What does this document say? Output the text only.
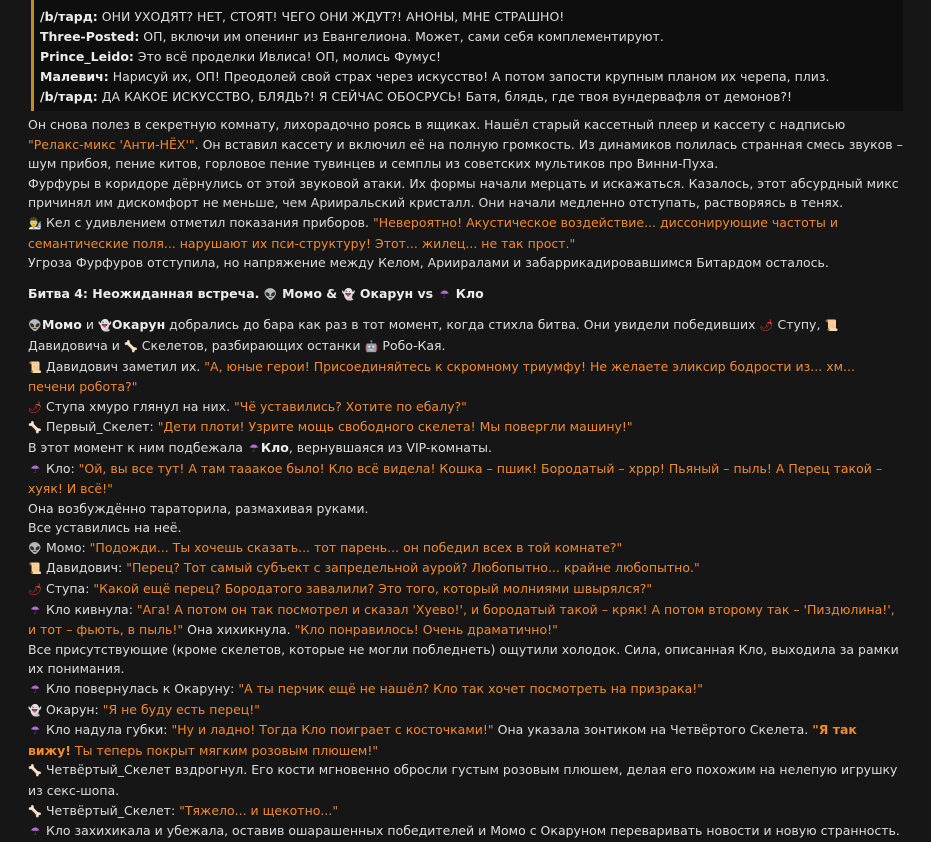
/b/тард: ОНИ УХОДЯТ? НЕТ, СТОЯТ! ЧЕГО ОНИ ЖДУТ?! АНОНЫ, МНЕ СТРАШНО!
Three-Posted: ОП, включи им опенинг из Евангелиона. Может, сами себя комплементируют.
Prince_Leido: Это всё проделки Ивлиса! ОП, молись Фумус!
Малевич: Нарисуй их, ОП! Преодолей свой страх через искусство! А потом запости крупным планом их черепа, плиз.
/b/тард: ДА КАКОЕ ИСКУССТВО, БЛЯДЬ?! Я СЕЙЧАС ОБОСРУСЬ! Батя, блядь, где твоя вундервафля от демонов?!

Он снова полез в секретную комнату, лихорадочно роясь в ящиках. Нашёл старый кассетный плеер и кассету с надписью "Релакс-микс 'Анти-НЁХ'". Он вставил кассету и включил её на полную громкость. Из динамиков полилась странная смесь звуков – шум прибоя, пение китов, горловое пение тувинцев и семплы из советских мультиков про Винни-Пуха.

Фурфуры в коридоре дёрнулись от этой звуковой атаки. Их формы начали мерцать и искажаться. Казалось, этот абсурдный микс причинял им дискомфорт не меньше, чем Арииральский кристалл. Они начали медленно отступать, растворяясь в тенях.

👨‍🔬 Кел с удивлением отметил показания приборов. "Невероятно! Акустическое воздействие... диссонирующие частоты и семантические поля... нарушают их пси-структуру! Этот... жилец... не так прост."

Угроза Фурфуров отступила, но напряжение между Келом, Арииралами и забаррикадировавшимся Битардом осталось.

Битва 4: Неожиданная встреча. 👽 Момо & 👻 Окарун vs ☂ Кло

👽Момо и 👻Окарун добрались до бара как раз в тот момент, когда стихла битва. Они увидели победивших 🌶 Ступу, 📜Давидовича и 🦴 Скелетов, разбирающих останки 🤖 Робо-Кая.

📜 Давидович заметил их. "А, юные герои! Присоединяйтесь к скромному триумфу! Не желаете эликсир бодрости из... хм... печени робота?"

🌶 Ступа хмуро глянул на них. "Чё уставились? Хотите по ебалу?"

🦴 Первый_Скелет: "Дети плоти! Узрите мощь свободного скелета! Мы повергли машину!"

В этот момент к ним подбежала ☂ Кло, вернувшаяся из VIP-комнаты.

☂ Кло: "Ой, вы все тут! А там тааакое было! Кло всё видела! Кошка – пшик! Бородатый – хррр! Пьяный – пыль! А Перец такой – хуяк! И всё!"

Она возбуждённо тараторила, размахивая руками.

Все уставились на неё.

👽 Момо: "Подожди... Ты хочешь сказать... тот парень... он победил всех в той комнате?"

📜 Давидович: "Перец? Тот самый субъект с запредельной аурой? Любопытно... крайне любопытно."

🌶 Ступа: "Какой ещё перец? Бородатого завалили? Это того, который молниями швырялся?"

☂ Кло кивнула: "Ага! А потом он так посмотрел и сказал 'Хуево!', и бородатый такой – кряк! А потом второму так – 'Пиздюлина!', и тот – фьють, в пыль!" Она хихикнула. "Кло понравилось! Очень драматично!"

Все присутствующие (кроме скелетов, которые не могли побледнеть) ощутили холодок. Сила, описанная Кло, выходила за рамки их понимания.

☂ Кло повернулась к Окаруну: "А ты перчик ещё не нашёл? Кло так хочет посмотреть на призрака!"

👻 Окарун: "Я не буду есть перец!"

☂ Кло надула губки: "Ну и ладно! Тогда Кло поиграет с косточками!" Она указала зонтиком на Четвёртого Скелета. "Я так вижу! Ты теперь покрыт мягким розовым плюшем!"

🦴 Четвёртый_Скелет вздрогнул. Его кости мгновенно обросли густым розовым плюшем, делая его похожим на нелепую игрушку из секс-шопа.

🦴 Четвёртый_Скелет: "Тяжело... и щекотно..."

☂ Кло захихикала и убежала, оставив ошарашенных победителей и Момо с Окаруном переваривать новости и новую странность.
